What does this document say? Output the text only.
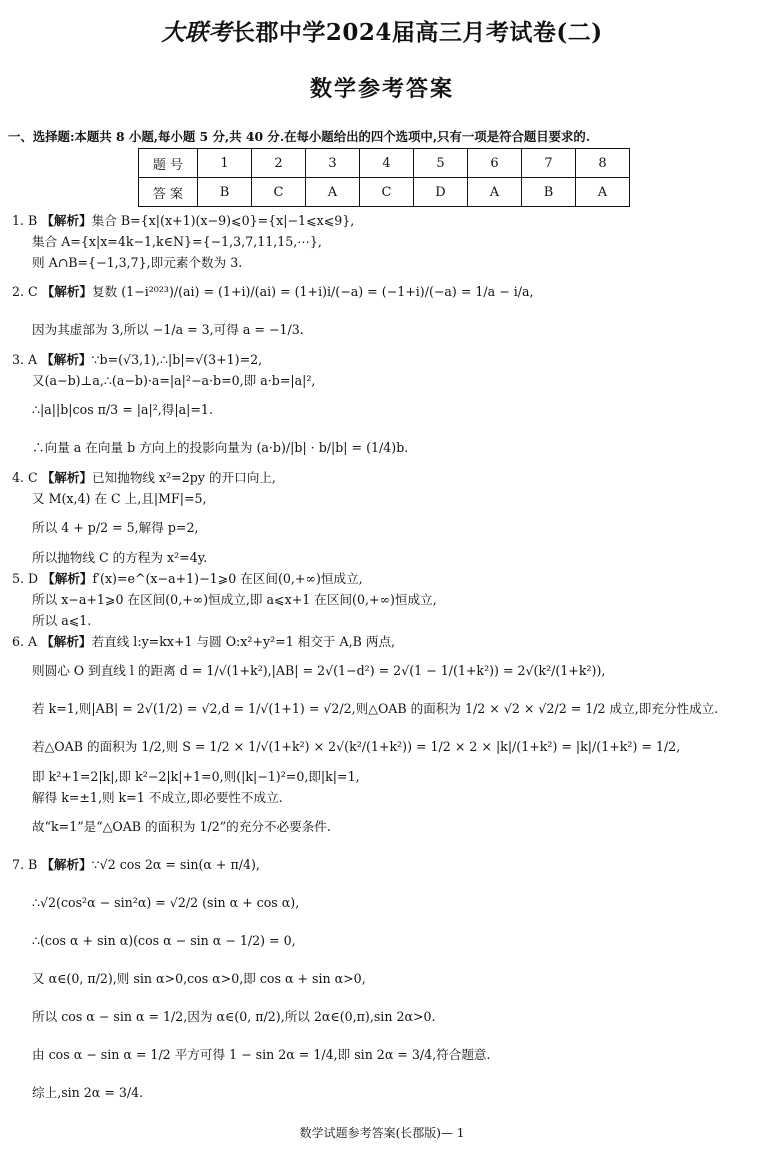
大联考长郡中学2024届高三月考试卷(二)
数学参考答案
一、选择题:本题共 8 小题,每小题 5 分,共 40 分.在每小题给出的四个选项中,只有一项是符合题目要求的.
题 号	1	2	3	4	5	6	7	8
答 案	B	C	A	C	D	A	B	A
1. B 【解析】集合 B={x|(x+1)(x−9)⩽0}={x|−1⩽x⩽9},
集合 A={x|x=4k−1,k∈N}={−1,3,7,11,15,⋯},
则 A∩B={−1,3,7},即元素个数为 3.
2. C 【解析】复数 (1−i²⁰²³)/(ai) = (1+i)/(ai) = (1+i)i/(−a) = (−1+i)/(−a) = 1/a − i/a,
因为其虚部为 3,所以 −1/a = 3,可得 a = −1/3.
3. A 【解析】∵b=(√3,1),∴|b|=√(3+1)=2,
又(a−b)⊥a,∴(a−b)·a=|a|²−a·b=0,即 a·b=|a|²,
∴|a||b|cos π/3 = |a|²,得|a|=1.
∴向量 a 在向量 b 方向上的投影向量为 (a·b)/|b| · b/|b| = (1/4)b.
4. C 【解析】已知抛物线 x²=2py 的开口向上,
又 M(x,4) 在 C 上,且|MF|=5,
所以 4 + p/2 = 5,解得 p=2,
所以抛物线 C 的方程为 x²=4y.
5. D 【解析】f′(x)=e^(x−a+1)−1⩾0 在区间(0,+∞)恒成立,
所以 x−a+1⩾0 在区间(0,+∞)恒成立,即 a⩽x+1 在区间(0,+∞)恒成立,
所以 a⩽1.
6. A 【解析】若直线 l:y=kx+1 与圆 O:x²+y²=1 相交于 A,B 两点,
则圆心 O 到直线 l 的距离 d = 1/√(1+k²),|AB| = 2√(1−d²) = 2√(1 − 1/(1+k²)) = 2√(k²/(1+k²)),
若 k=1,则|AB| = 2√(1/2) = √2,d = 1/√(1+1) = √2/2,则△OAB 的面积为 1/2 × √2 × √2/2 = 1/2 成立,即充分性成立.
若△OAB 的面积为 1/2,则 S = 1/2 × 1/√(1+k²) × 2√(k²/(1+k²)) = 1/2 × 2 × |k|/(1+k²) = |k|/(1+k²) = 1/2,
即 k²+1=2|k|,即 k²−2|k|+1=0,则(|k|−1)²=0,即|k|=1,
解得 k=±1,则 k=1 不成立,即必要性不成立.
故“k=1”是“△OAB 的面积为 1/2”的充分不必要条件.
7. B 【解析】∵√2 cos 2α = sin(α + π/4),
∴√2(cos²α − sin²α) = √2/2 (sin α + cos α),
∴(cos α + sin α)(cos α − sin α − 1/2) = 0,
又 α∈(0, π/2),则 sin α>0,cos α>0,即 cos α + sin α>0,
所以 cos α − sin α = 1/2,因为 α∈(0, π/2),所以 2α∈(0,π),sin 2α>0.
由 cos α − sin α = 1/2 平方可得 1 − sin 2α = 1/4,即 sin 2α = 3/4,符合题意.
综上,sin 2α = 3/4.
数学试题参考答案(长郡版)— 1
